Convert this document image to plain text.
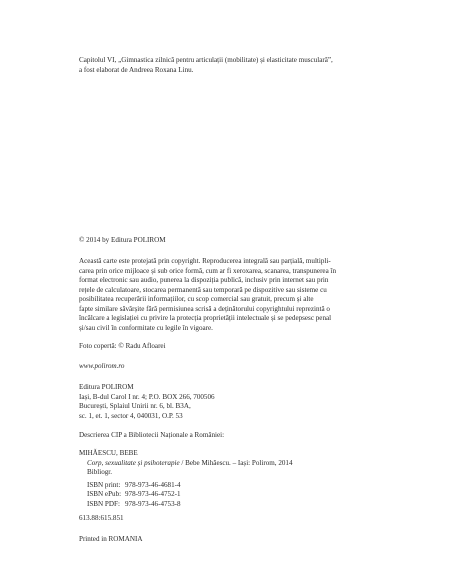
Capitolul VI, „Gimnastica zilnică pentru articulații (mobilitate) și elasticitate musculară”,

a fost elaborat de Andreea Roxana Linu.

© 2014 by Editura POLIROM

Această carte este protejată prin copyright. Reproducerea integrală sau parțială, multipli-

carea prin orice mijloace și sub orice formă, cum ar fi xeroxarea, scanarea, transpunerea în

format electronic sau audio, punerea la dispoziția publică, inclusiv prin internet sau prin

rețele de calculatoare, stocarea permanentă sau temporară pe dispozitive sau sisteme cu

posibilitatea recuperării informațiilor, cu scop comercial sau gratuit, precum și alte

fapte similare săvârșite fără permisiunea scrisă a deținătorului copyrightului reprezintă o

încălcare a legislației cu privire la protecția proprietății intelectuale și se pedepsesc penal

și/sau civil în conformitate cu legile în vigoare.

Foto copertă: © Radu Afloarei

www.polirom.ro

Editura POLIROM

Iași, B-dul Carol I nr. 4; P.O. BOX 266, 700506

București, Splaiul Unirii nr. 6, bl. B3A,

sc. 1, et. 1, sector 4, 040031, O.P. 53

Descrierea CIP a Bibliotecii Naționale a României:

MIHĂESCU, BEBE

Corp, sexualitate și psihoterapie / Bebe Mihăescu. – Iași: Polirom, 2014

Bibliogr.

ISBN print: 978-973-46-4681-4
ISBN ePub: 978-973-46-4752-1
ISBN PDF: 978-973-46-4753-8

613.88:615.851

Printed in ROMANIA
